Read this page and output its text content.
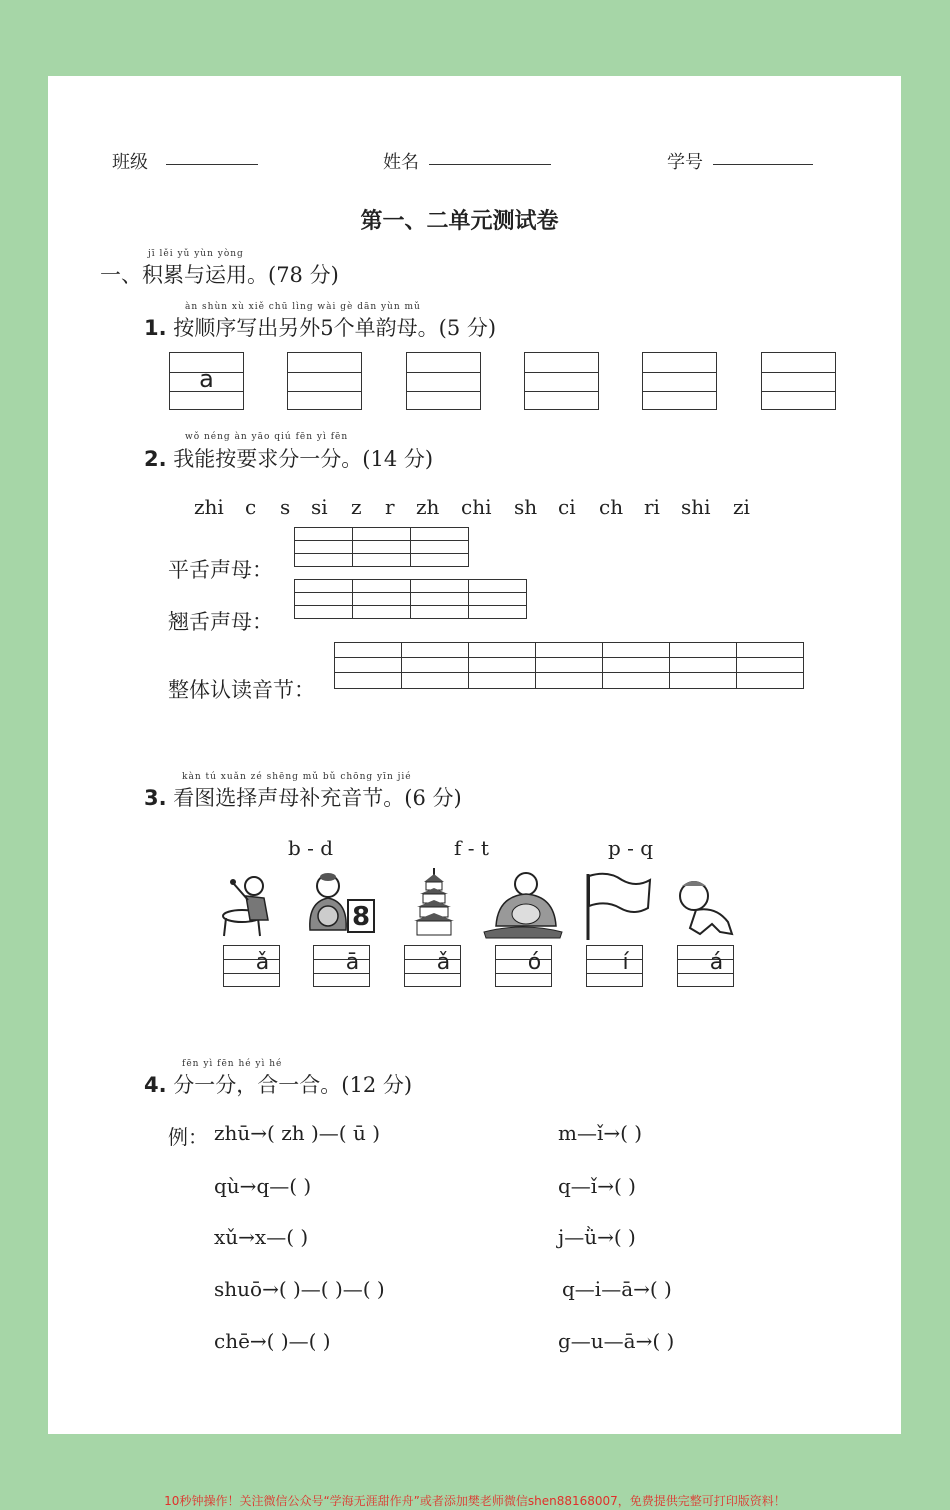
班级	姓名	学号
第一、二单元测试卷
jī lěi yǔ yùn yòng
一、积累与运用。(78 分)
àn shùn xù xiě chū lìng wài gè dān yùn mǔ
1. 按顺序写出另外5个单韵母。(5 分)
a
wǒ néng àn yāo qiú fēn yì fēn
2. 我能按要求分一分。(14 分)
zhi c s si z r zh chi sh ci ch ri shi zi
平舌声母：
翘舌声母：
整体认读音节：
kàn tú xuǎn zé shēng mǔ bǔ chōng yīn jié
3. 看图选择声母补充音节。(6 分)
b - d	f - t	p - q
8
ǎ	ā	ǎ	ó	í	á
fēn yì fēn hé yì hé
4. 分一分，合一合。(12 分)
例： zhū→( zh )—( ū )
qù→q—( )
xǔ→x—( )
shuō→( )—( )—( )
chē→( )—( )
m—ǐ→( )
q—ǐ→( )
j—ǜ→( )
q—i—ā→( )
g—u—ā→( )
10秒钟操作！关注微信公众号“学海无涯甜作舟”或者添加樊老师微信shen88168007，免费提供完整可打印版资料！
